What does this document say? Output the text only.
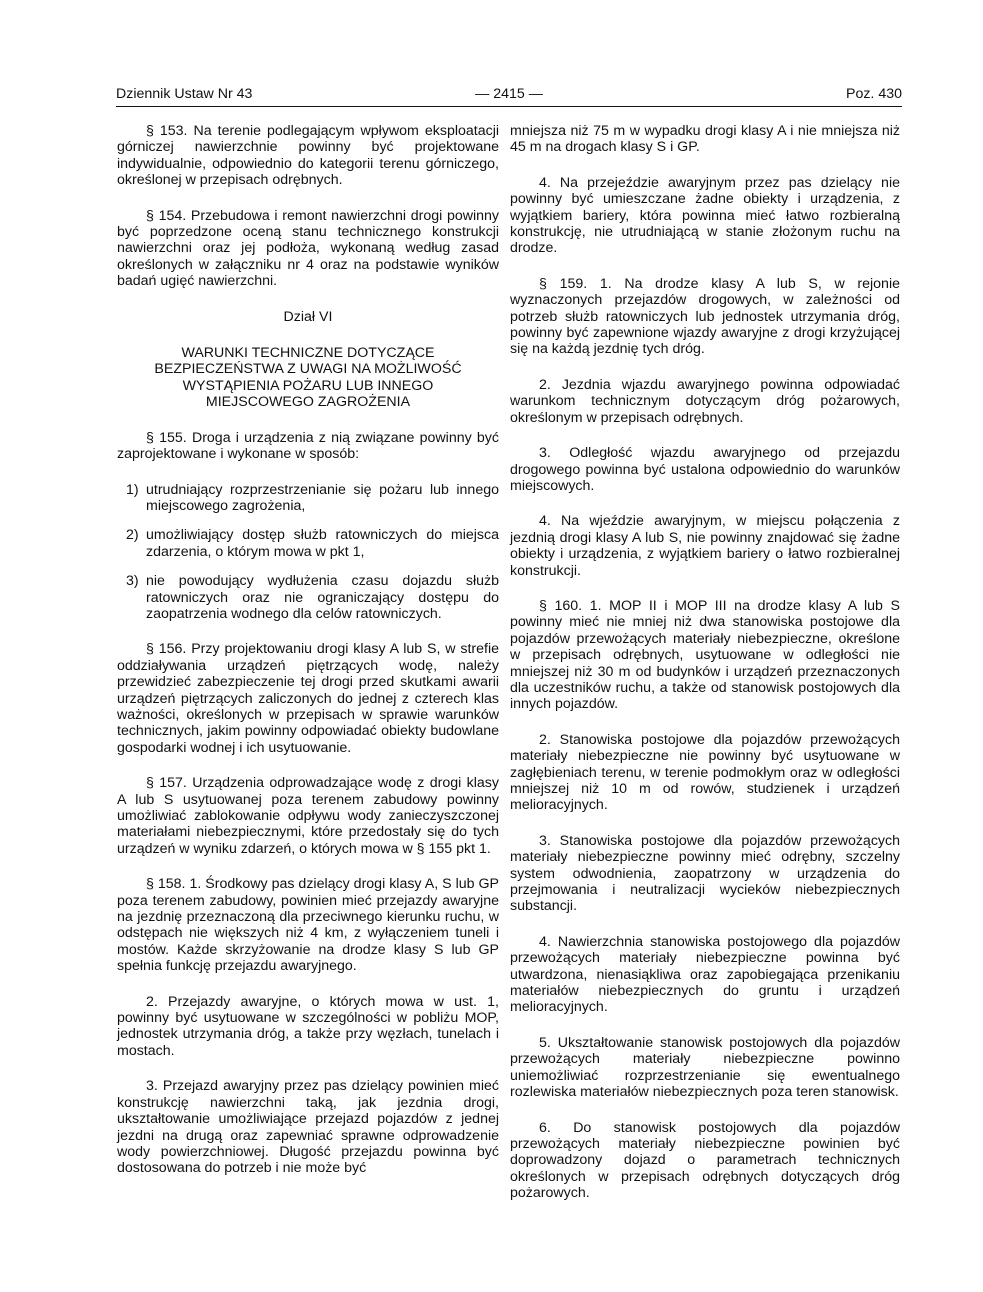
Dziennik Ustaw Nr 43	— 2415 —	Poz. 430

§ 153. Na terenie podlegającym wpływom eksploatacji górniczej nawierzchnie powinny być projektowane indywidualnie, odpowiednio do kategorii terenu górniczego, określonej w przepisach odrębnych.

§ 154. Przebudowa i remont nawierzchni drogi powinny być poprzedzone oceną stanu technicznego konstrukcji nawierzchni oraz jej podłoża, wykonaną według zasad określonych w załączniku nr 4 oraz na podstawie wyników badań ugięć nawierzchni.

Dział VI
WARUNKI TECHNICZNE DOTYCZĄCE
BEZPIECZEŃSTWA Z UWAGI NA MOŻLIWOŚĆ
WYSTĄPIENIA POŻARU LUB INNEGO
MIEJSCOWEGO ZAGROŻENIA

§ 155. Droga i urządzenia z nią związane powinny być zaprojektowane i wykonane w sposób:

1) utrudniający rozprzestrzenianie się pożaru lub innego miejscowego zagrożenia,
2) umożliwiający dostęp służb ratowniczych do miejsca zdarzenia, o którym mowa w pkt 1,
3) nie powodujący wydłużenia czasu dojazdu służb ratowniczych oraz nie ograniczający dostępu do zaopatrzenia wodnego dla celów ratowniczych.

§ 156. Przy projektowaniu drogi klasy A lub S, w strefie oddziaływania urządzeń piętrzących wodę, należy przewidzieć zabezpieczenie tej drogi przed skutkami awarii urządzeń piętrzących zaliczonych do jednej z czterech klas ważności, określonych w przepisach w sprawie warunków technicznych, jakim powinny odpowiadać obiekty budowlane gospodarki wodnej i ich usytuowanie.

§ 157. Urządzenia odprowadzające wodę z drogi klasy A lub S usytuowanej poza terenem zabudowy powinny umożliwiać zablokowanie odpływu wody zanieczyszczonej materiałami niebezpiecznymi, które przedostały się do tych urządzeń w wyniku zdarzeń, o których mowa w § 155 pkt 1.

§ 158. 1. Środkowy pas dzielący drogi klasy A, S lub GP poza terenem zabudowy, powinien mieć przejazdy awaryjne na jezdnię przeznaczoną dla przeciwnego kierunku ruchu, w odstępach nie większych niż 4 km, z wyłączeniem tuneli i mostów. Każde skrzyżowanie na drodze klasy S lub GP spełnia funkcję przejazdu awaryjnego.

2. Przejazdy awaryjne, o których mowa w ust. 1, powinny być usytuowane w szczególności w pobliżu MOP, jednostek utrzymania dróg, a także przy węzłach, tunelach i mostach.

3. Przejazd awaryjny przez pas dzielący powinien mieć konstrukcję nawierzchni taką, jak jezdnia drogi, ukształtowanie umożliwiające przejazd pojazdów z jednej jezdni na drugą oraz zapewniać sprawne odprowadzenie wody powierzchniowej. Długość przejazdu powinna być dostosowana do potrzeb i nie może być

mniejsza niż 75 m w wypadku drogi klasy A i nie mniejsza niż 45 m na drogach klasy S i GP.

4. Na przejeździe awaryjnym przez pas dzielący nie powinny być umieszczane żadne obiekty i urządzenia, z wyjątkiem bariery, która powinna mieć łatwo rozbieralną konstrukcję, nie utrudniającą w stanie złożonym ruchu na drodze.

§ 159. 1. Na drodze klasy A lub S, w rejonie wyznaczonych przejazdów drogowych, w zależności od potrzeb służb ratowniczych lub jednostek utrzymania dróg, powinny być zapewnione wjazdy awaryjne z drogi krzyżującej się na każdą jezdnię tych dróg.

2. Jezdnia wjazdu awaryjnego powinna odpowiadać warunkom technicznym dotyczącym dróg pożarowych, określonym w przepisach odrębnych.

3. Odległość wjazdu awaryjnego od przejazdu drogowego powinna być ustalona odpowiednio do warunków miejscowych.

4. Na wjeździe awaryjnym, w miejscu połączenia z jezdnią drogi klasy A lub S, nie powinny znajdować się żadne obiekty i urządzenia, z wyjątkiem bariery o łatwo rozbieralnej konstrukcji.

§ 160. 1. MOP II i MOP III na drodze klasy A lub S powinny mieć nie mniej niż dwa stanowiska postojowe dla pojazdów przewożących materiały niebezpieczne, określone w przepisach odrębnych, usytuowane w odległości nie mniejszej niż 30 m od budynków i urządzeń przeznaczonych dla uczestników ruchu, a także od stanowisk postojowych dla innych pojazdów.

2. Stanowiska postojowe dla pojazdów przewożących materiały niebezpieczne nie powinny być usytuowane w zagłębieniach terenu, w terenie podmokłym oraz w odległości mniejszej niż 10 m od rowów, studzienek i urządzeń melioracyjnych.

3. Stanowiska postojowe dla pojazdów przewożących materiały niebezpieczne powinny mieć odrębny, szczelny system odwodnienia, zaopatrzony w urządzenia do przejmowania i neutralizacji wycieków niebezpiecznych substancji.

4. Nawierzchnia stanowiska postojowego dla pojazdów przewożących materiały niebezpieczne powinna być utwardzona, nienasiąkliwa oraz zapobiegająca przenikaniu materiałów niebezpiecznych do gruntu i urządzeń melioracyjnych.

5. Ukształtowanie stanowisk postojowych dla pojazdów przewożących materiały niebezpieczne powinno uniemożliwiać rozprzestrzenianie się ewentualnego rozlewiska materiałów niebezpiecznych poza teren stanowisk.

6. Do stanowisk postojowych dla pojazdów przewożących materiały niebezpieczne powinien być doprowadzony dojazd o parametrach technicznych określonych w przepisach odrębnych dotyczących dróg pożarowych.
